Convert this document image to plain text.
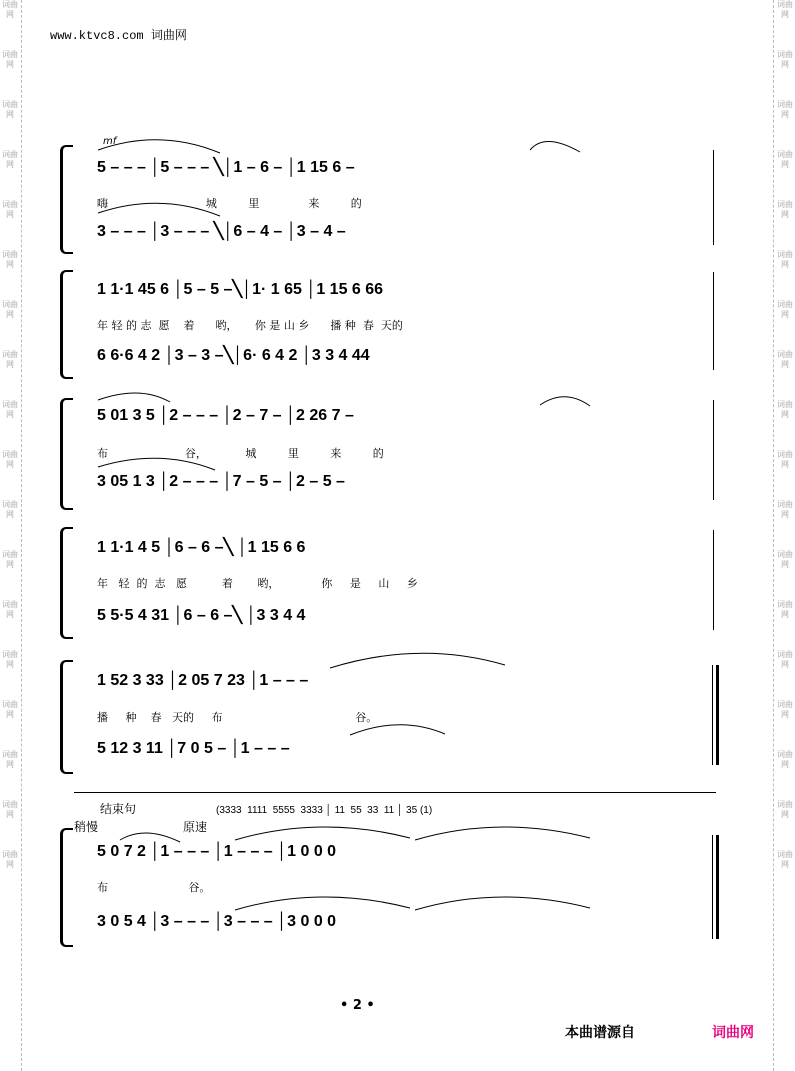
词曲网
词曲网
词曲网
词曲网
词曲网
词曲网
词曲网
词曲网
词曲网
词曲网
词曲网
词曲网
词曲网
词曲网
词曲网
词曲网
词曲网
词曲网
词曲网
词曲网
词曲网
词曲网
词曲网
词曲网
词曲网
词曲网
词曲网
词曲网
词曲网
词曲网
词曲网
词曲网
词曲网
词曲网
词曲网
词曲网
www.ktvc8.com 词曲网
mf
5 – – – │5 – – – ╲│1 – 6 – │1 15 6 –
嗨                            城         里              来         的
3 – – – │3 – – – ╲│6 – 4 – │3 – 4 –
1 1·1 45 6 │5 – 5 –╲│1· 1 65 │1 15 6 66
年 轻 的 志  愿    着      哟，     你 是 山 乡      播 种  春  天的
6 6·6 4 2 │3 – 3 –╲│6· 6 4 2 │3 3 4 44
5 01 3 5 │2 – – – │2 – 7 – │2 26 7 –
布                      谷，           城         里         来         的
3 05 1 3 │2 – – – │7 – 5 – │2 – 5 –
1 1·1 4 5 │6 – 6 –╲ │1 15 6 6
年   轻  的  志   愿          着       哟，            你     是     山     乡
5 5·5 4 31 │6 – 6 –╲ │3 3 4 4
1 52 3 33 │2 05 7 23 │1 – – –
播     种    春   天的     布                                      谷。
5 12 3 11 │7 0 5 – │1 – – –
结束句
稍慢	原速
(3333  1111  5555  3333 │ 11  55  33  11 │ 35 (1)
5 0 7 2 │1 – – – │1 – – – │1 0 0 0
布                       谷。
3 0 5 4 │3 – – – │3 – – – │3 0 0 0
• 2 •
本曲谱源自	词曲网
